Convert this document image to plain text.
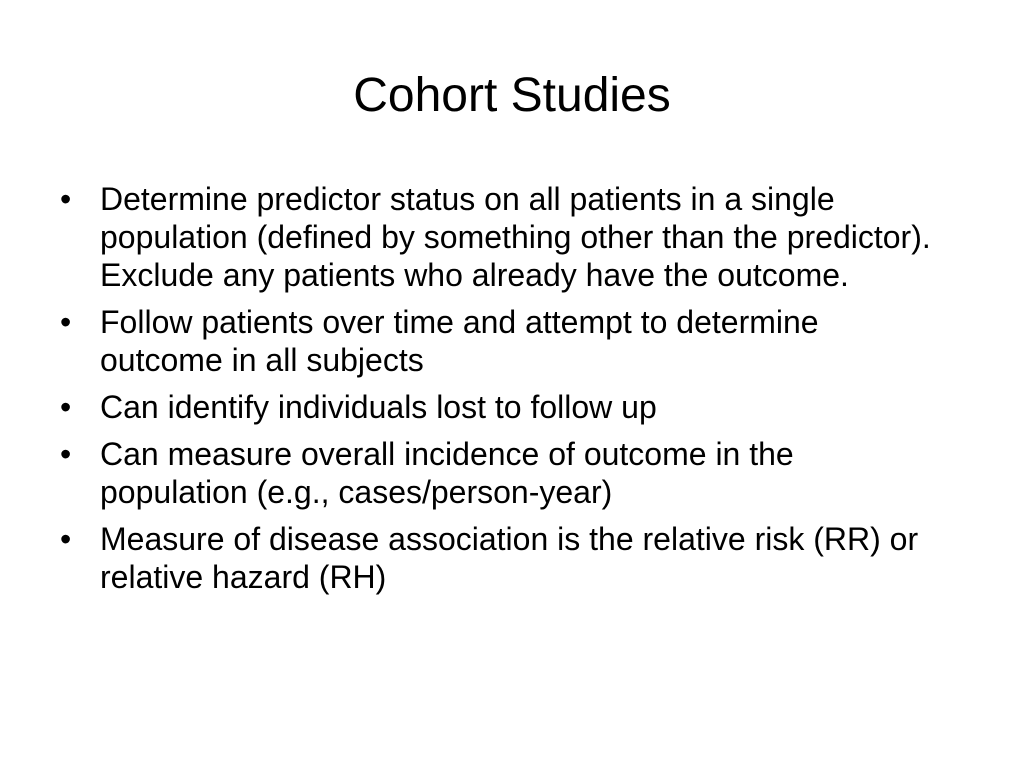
Cohort Studies
• Determine predictor status on all patients in a single population (defined by something other than the predictor). Exclude any patients who already have the outcome.
• Follow patients over time and attempt to determine outcome in all subjects
• Can identify individuals lost to follow up
• Can measure overall incidence of outcome in the population (e.g., cases/person-year)
• Measure of disease association is the relative risk (RR) or relative hazard (RH)
